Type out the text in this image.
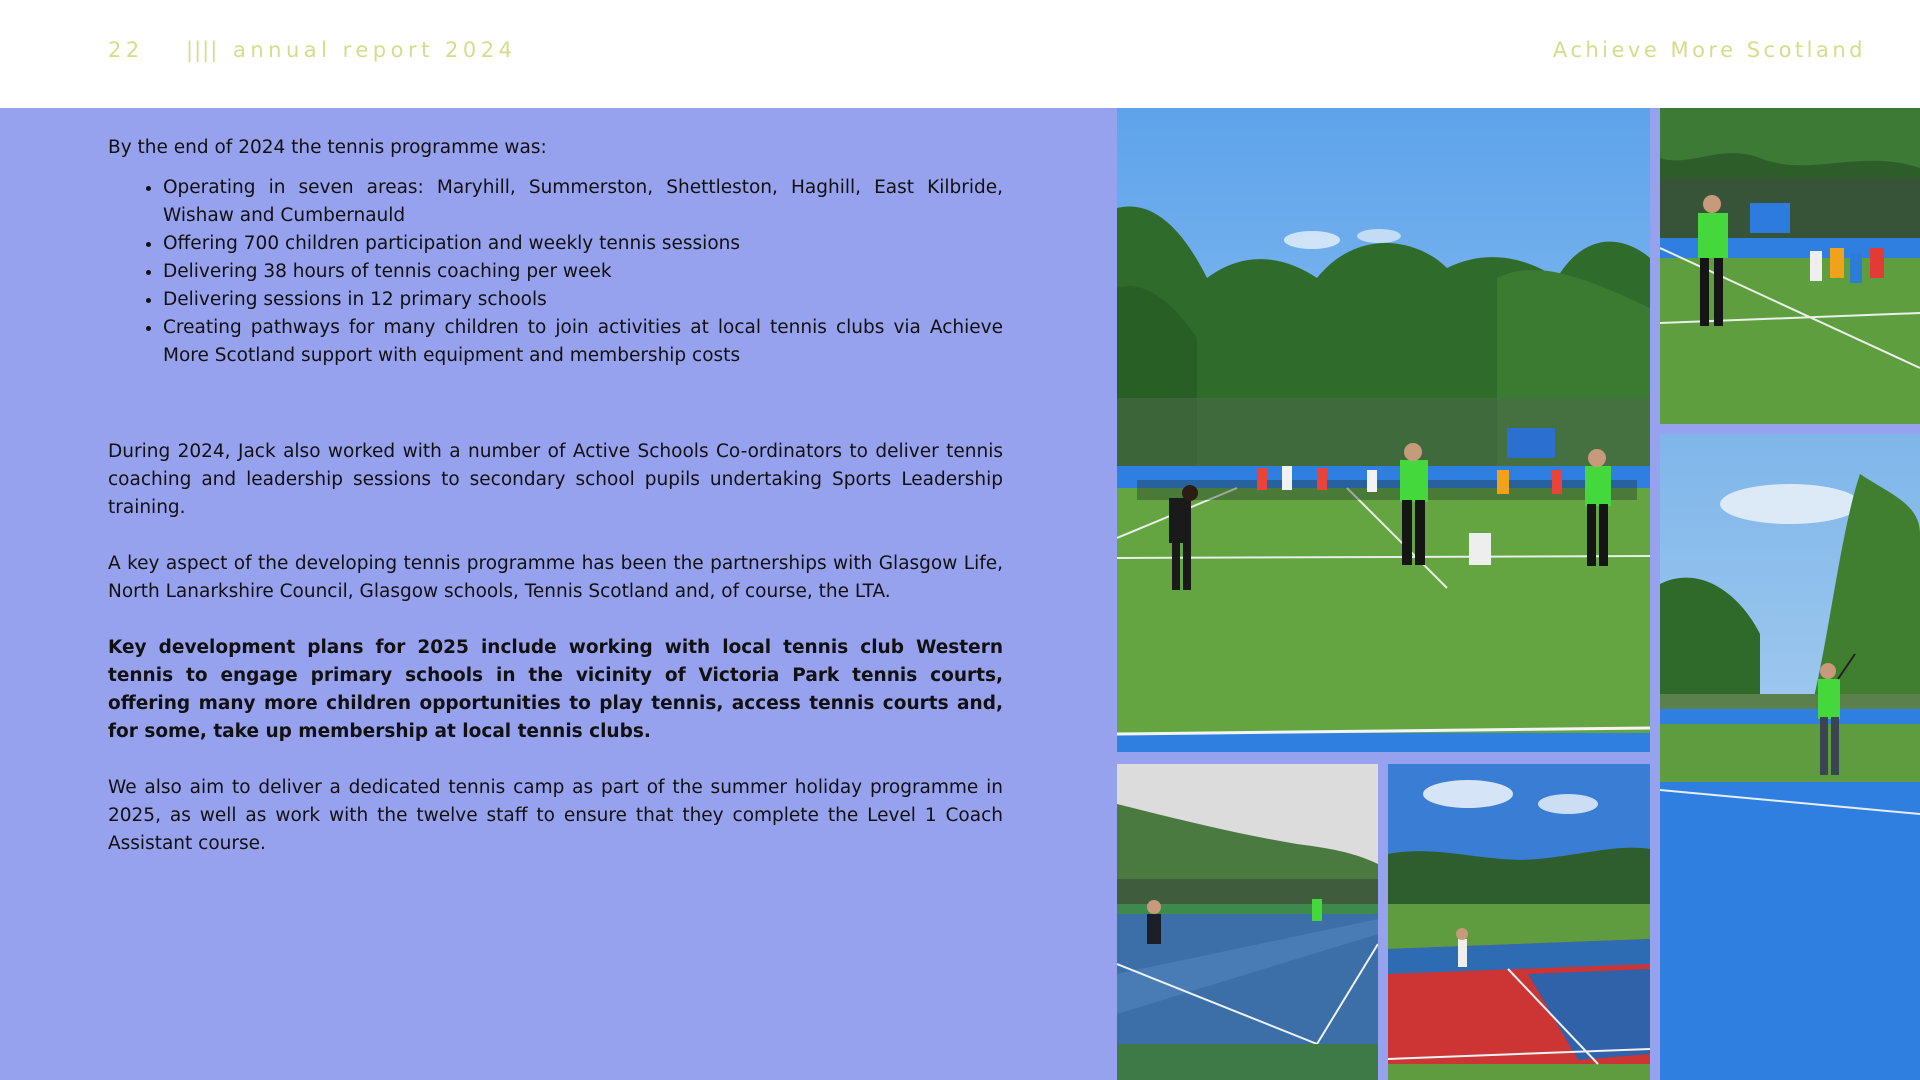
22 |||| annual report 2024	Achieve More Scotland

By the end of 2024 the tennis programme was:

• Operating in seven areas: Maryhill, Summerston, Shettleston, Haghill, East Kilbride, Wishaw and Cumbernauld
• Offering 700 children participation and weekly tennis sessions
• Delivering 38 hours of tennis coaching per week
• Delivering sessions in 12 primary schools
• Creating pathways for many children to join activities at local tennis clubs via Achieve More Scotland support with equipment and membership costs

During 2024, Jack also worked with a number of Active Schools Co-ordinators to deliver tennis coaching and leadership sessions to secondary school pupils undertaking Sports Leadership training.

A key aspect of the developing tennis programme has been the partnerships with Glasgow Life, North Lanarkshire Council, Glasgow schools, Tennis Scotland and, of course, the LTA.

Key development plans for 2025 include working with local tennis club Western tennis to engage primary schools in the vicinity of Victoria Park tennis courts, offering many more children opportunities to play tennis, access tennis courts and, for some, take up membership at local tennis clubs.

We also aim to deliver a dedicated tennis camp as part of the summer holiday programme in 2025, as well as work with the twelve staff to ensure that they complete the Level 1 Coach Assistant course.
